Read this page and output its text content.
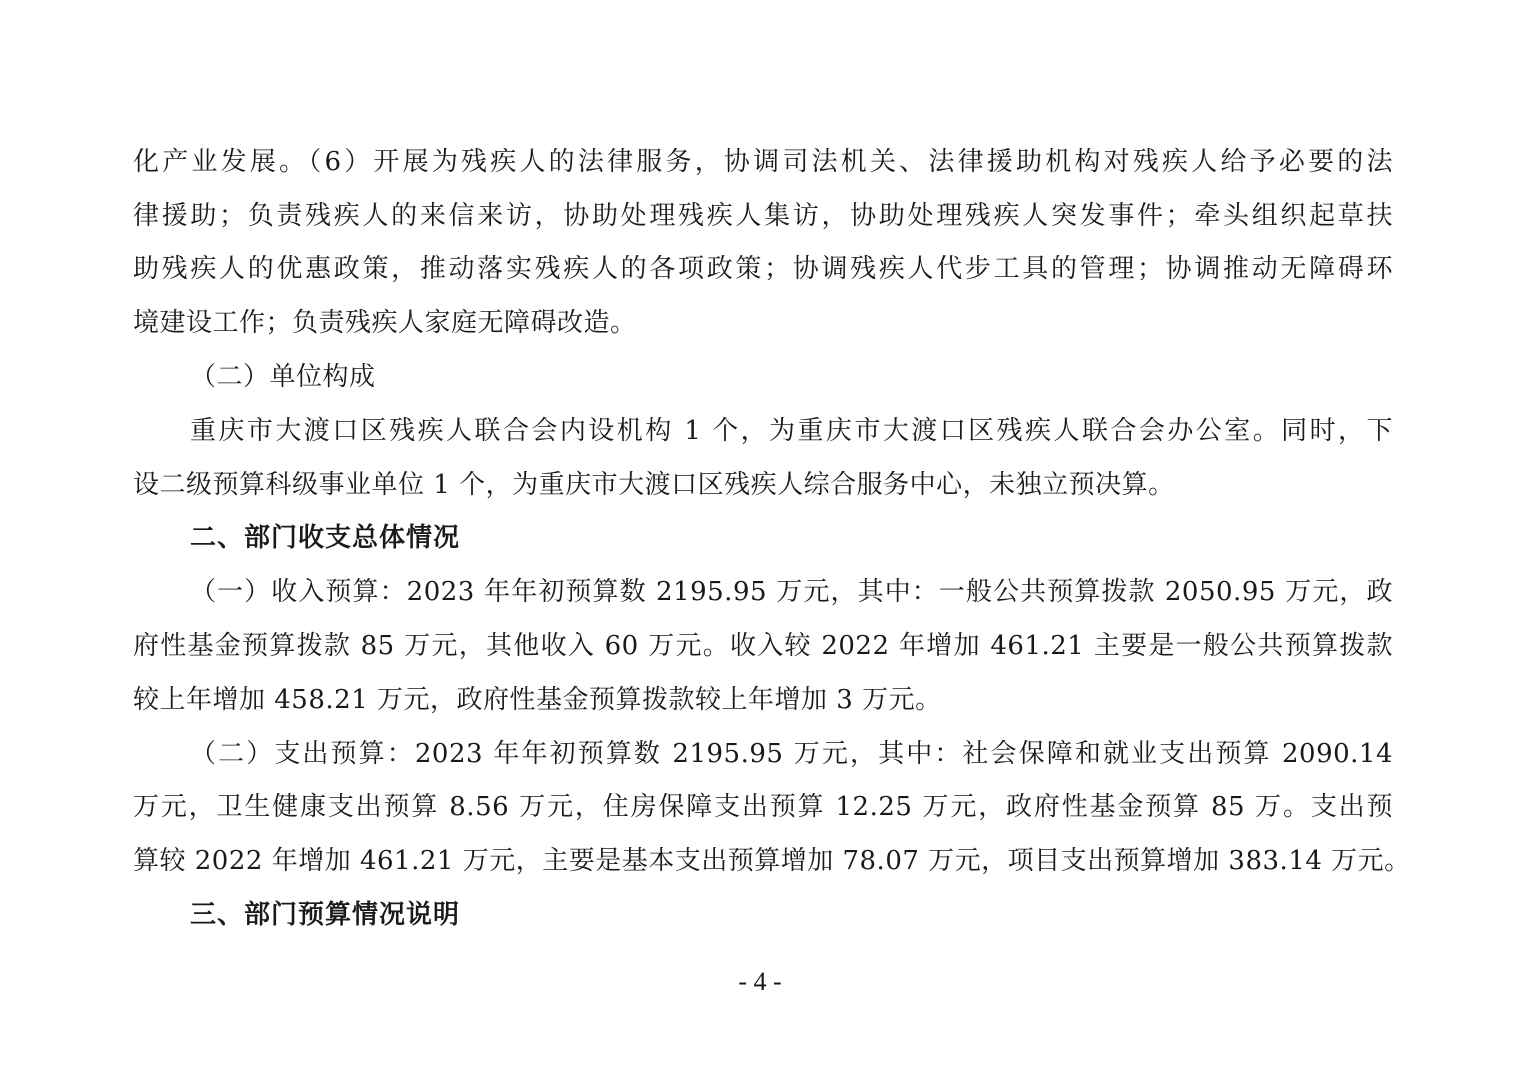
化产业发展。（6）开展为残疾人的法律服务，协调司法机关、法律援助机构对残疾人给予必要的法
律援助；负责残疾人的来信来访，协助处理残疾人集访，协助处理残疾人突发事件；牵头组织起草扶
助残疾人的优惠政策，推动落实残疾人的各项政策；协调残疾人代步工具的管理；协调推动无障碍环
境建设工作；负责残疾人家庭无障碍改造。
（二）单位构成
重庆市大渡口区残疾人联合会内设机构 1 个，为重庆市大渡口区残疾人联合会办公室。同时，下
设二级预算科级事业单位 1 个，为重庆市大渡口区残疾人综合服务中心，未独立预决算。
二、部门收支总体情况
（一）收入预算：2023 年年初预算数 2195.95 万元，其中：一般公共预算拨款 2050.95 万元，政
府性基金预算拨款 85 万元，其他收入 60 万元。收入较 2022 年增加 461.21 主要是一般公共预算拨款
较上年增加 458.21 万元，政府性基金预算拨款较上年增加 3 万元。
（二）支出预算：2023 年年初预算数 2195.95 万元，其中：社会保障和就业支出预算 2090.14
万元，卫生健康支出预算 8.56 万元，住房保障支出预算 12.25 万元，政府性基金预算 85 万。支出预
算较 2022 年增加 461.21 万元，主要是基本支出预算增加 78.07 万元，项目支出预算增加 383.14 万元。
三、部门预算情况说明
- 4 -
